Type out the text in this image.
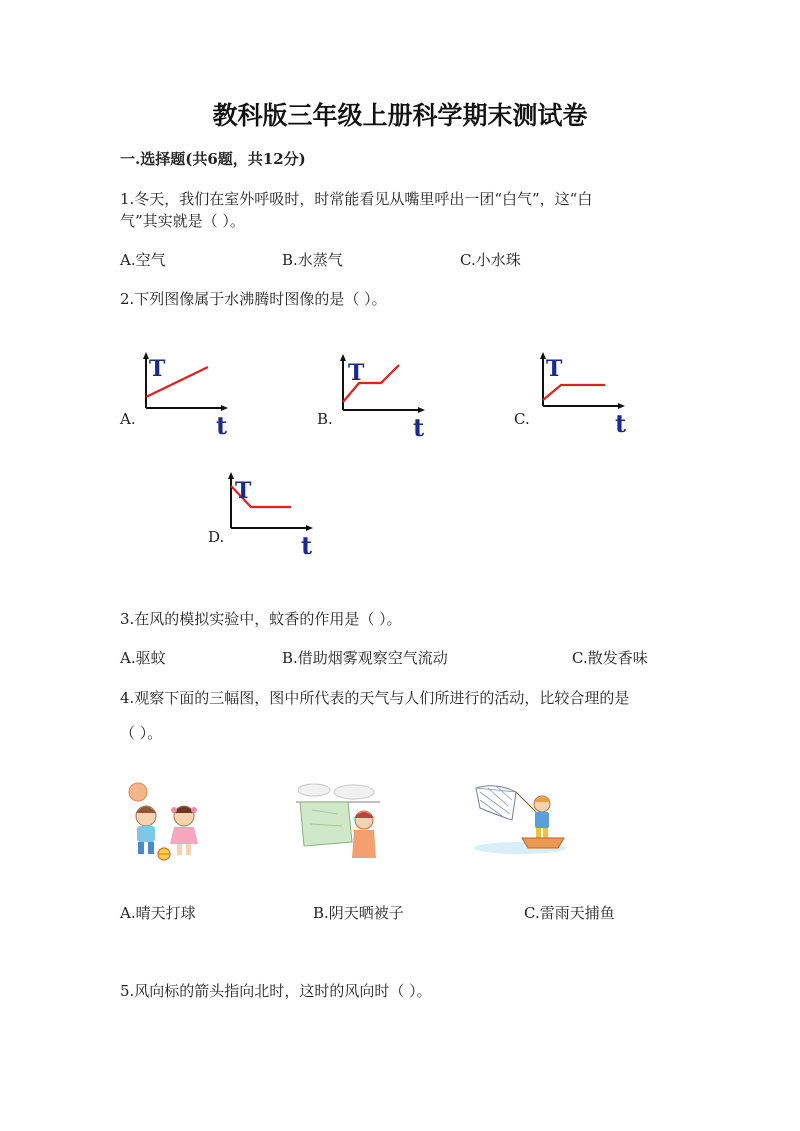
教科版三年级上册科学期末测试卷
一.选择题(共6题，共12分)
1.冬天，我们在室外呼吸时，时常能看见从嘴里呼出一团“白气”，这“白
气”其实就是（ ）。
A.空气	B.水蒸气	C.小水珠
2.下列图像属于水沸腾时图像的是（ ）。
A.	B.	C.
D.
T
t
T
t
T
t
T
t
3.在风的模拟实验中，蚊香的作用是（ ）。
A.驱蚊	B.借助烟雾观察空气流动	C.散发香味
4.观察下面的三幅图，图中所代表的天气与人们所进行的活动，比较合理的是
（ ）。
A.晴天打球	B.阴天晒被子	C.雷雨天捕鱼
5.风向标的箭头指向北时，这时的风向时（ ）。
